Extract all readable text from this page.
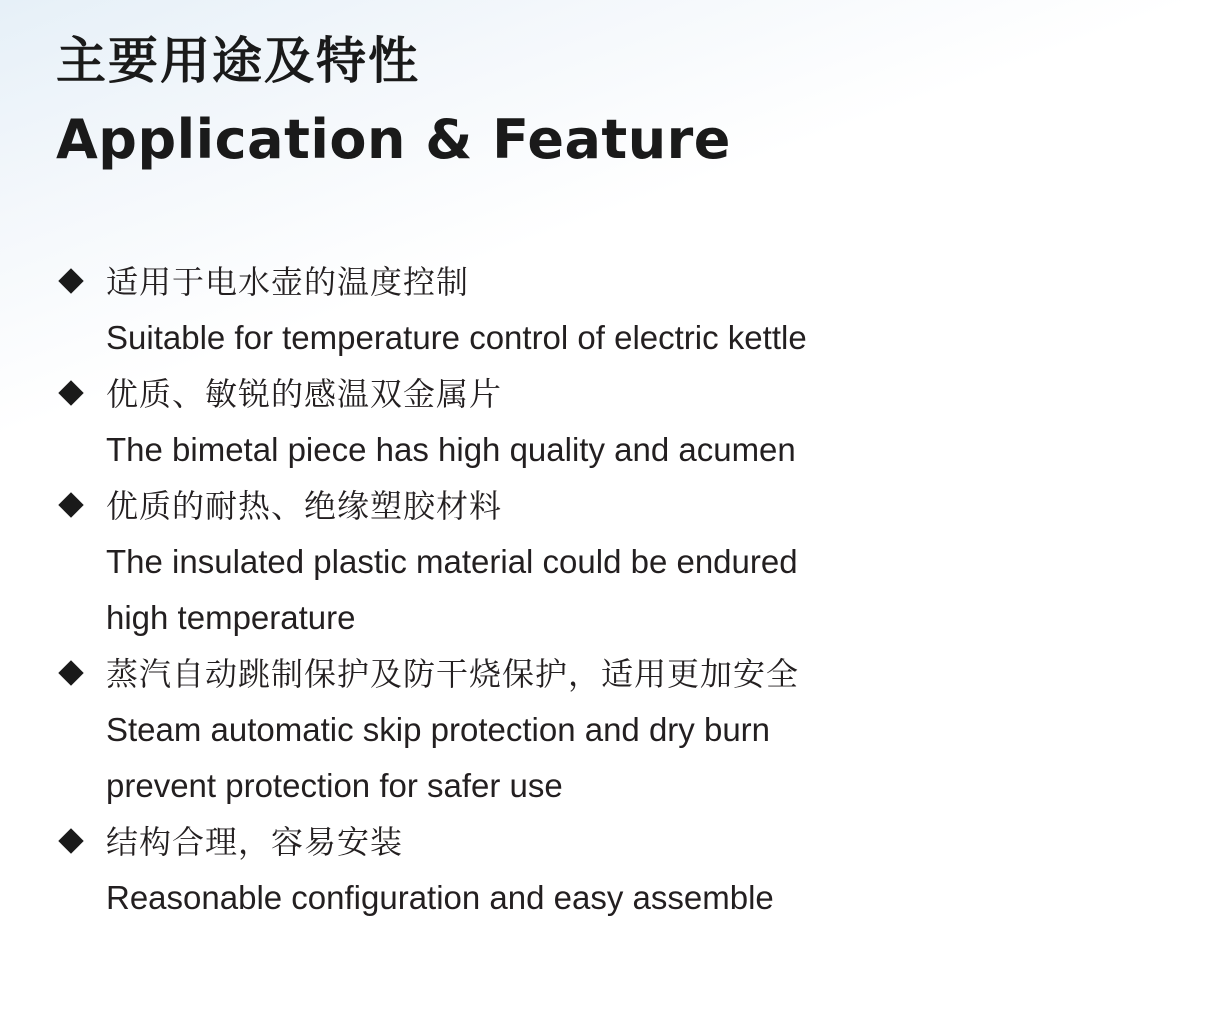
主要用途及特性
Application & Feature
适用于电水壶的温度控制
Suitable for temperature control of electric kettle
优质、敏锐的感温双金属片
The bimetal piece has high quality and acumen
优质的耐热、绝缘塑胶材料
The insulated plastic material could be endured
high temperature
蒸汽自动跳制保护及防干烧保护，适用更加安全
Steam automatic skip protection and dry burn
prevent protection for safer use
结构合理，容易安装
Reasonable configuration and easy assemble
